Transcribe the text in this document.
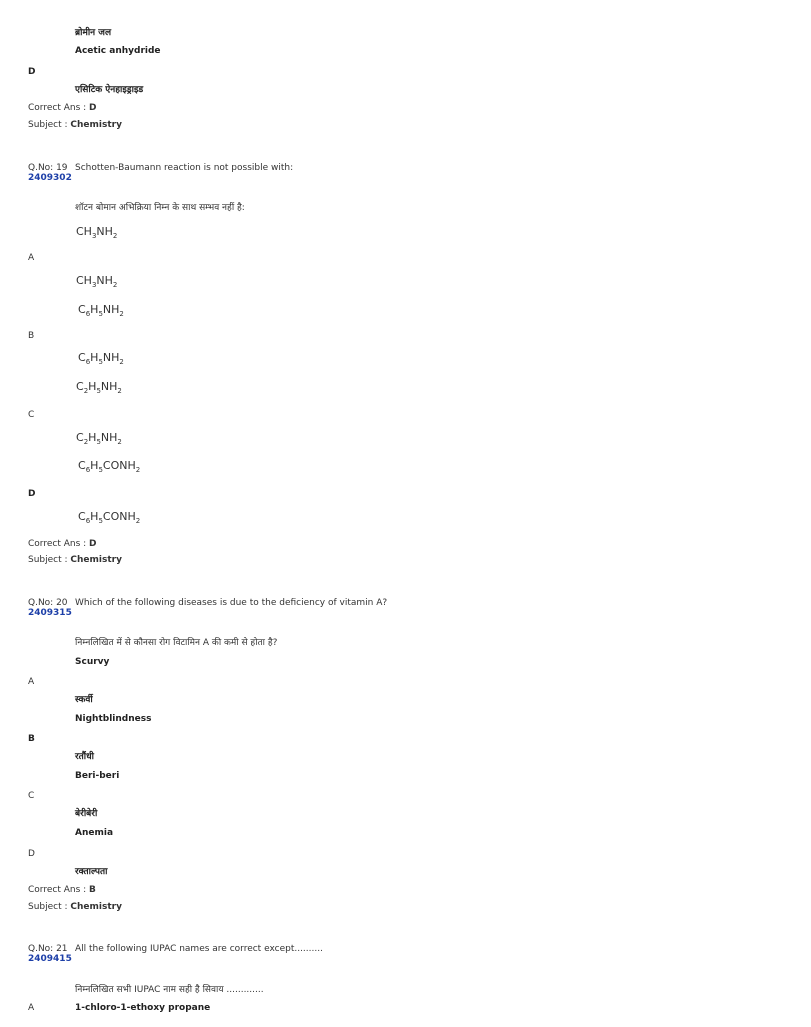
ब्रोमीन जल
Acetic anhydride
D
एसिटिक ऐनहाइड्राइड
Correct Ans : D
Subject : Chemistry
Q.No: 19 Schotten-Baumann reaction is not possible with:
2409302
शॉटन बोमान अभिक्रिया निम्न के साथ सम्भव नहीं है:
$CH_3NH_2$
A
$CH_3NH_2$
$C_6H_5NH_2$
B
$C_6H_5NH_2$
$C_2H_5NH_2$
C
$C_2H_5NH_2$
$C_6H_5CONH_2$
D
$C_6H_5CONH_2$
Correct Ans : D
Subject : Chemistry
Q.No: 20 Which of the following diseases is due to the deficiency of vitamin A?
2409315
निम्नलिखित में से कौनसा रोग विटामिन A की कमी से होता है?
Scurvy
A
स्कर्वी
Nightblindness
B
रतौंधी
Beri-beri
C
बेरीबेरी
Anemia
D
रक्ताल्पता
Correct Ans : B
Subject : Chemistry
Q.No: 21 All the following IUPAC names are correct except..........
2409415
निम्नलिखित सभी IUPAC नाम सही है सिवाय .............
A	1-chloro-1-ethoxy propane
